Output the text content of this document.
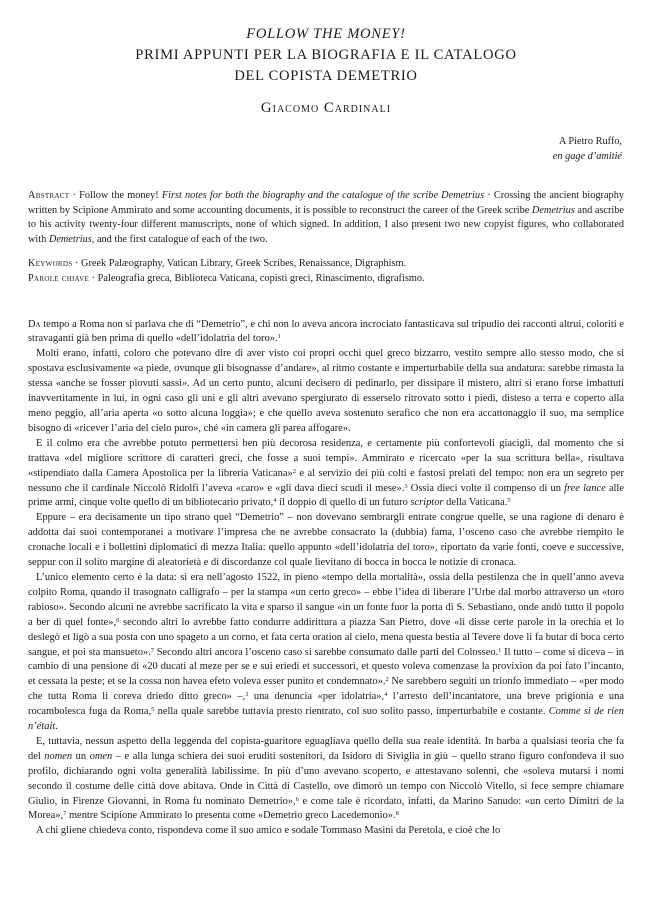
FOLLOW THE MONEY!
PRIMI APPUNTI PER LA BIOGRAFIA E IL CATALOGO
DEL COPISTA DEMETRIO
Giacomo Cardinali
A Pietro Ruffo,
en gage d’amitié
Abstract · Follow the money! First notes for both the biography and the catalogue of the scribe Demetrius · Crossing the ancient biography written by Scipione Ammirato and some accounting documents, it is possible to reconstruct the career of the Greek scribe Demetrius and ascribe to his activity twenty-four different manuscripts, none of which signed. In addition, I also present two new copyist figures, who collaborated with Demetrius, and the first catalogue of each of the two.
Keywords · Greek Palæography, Vatican Library, Greek Scribes, Renaissance, Digraphism.
Parole chiave · Paleografia greca, Biblioteca Vaticana, copisti greci, Rinascimento, digrafismo.

Da tempo a Roma non si parlava che di “Demetrio”, e chi non lo aveva ancora incrociato fantasticava sul tripudio dei racconti altrui, coloriti e stravaganti già ben prima di quello «dell’idolatria del toro».$^1$

Molti erano, infatti, coloro che potevano dire di aver visto coi propri occhi quel greco bizzarro, vestito sempre allo stesso modo, che si spostava esclusivamente «a piede, ovunque gli bisognasse d’andare», al ritmo costante e imperturbabile della sua andatura: sarebbe rimasta la stessa «anche se fosser piovuti sassi». Ad un certo punto, alcuni decisero di pedinarlo, per dissipare il mistero, altri si erano forse imbattuti inavvertitamente in lui, in ogni caso gli uni e gli altri avevano spergiurato di esserselo ritrovato sotto i piedi, disteso a terra e coperto alla meno peggio, all’aria aperta «o sotto alcuna loggia»; e che quello aveva sostenuto serafico che non era accattonaggio il suo, ma semplice bisogno di «ricever l’aria del cielo puro», ché «in camera gli parea affogare».

E il colmo era che avrebbe potuto permettersi ben più decorosa residenza, e certamente più confortevoli giacigli, dal momento che si trattava «del migliore scrittore di caratteri greci, che fosse a suoi tempi». Ammirato e ricercato «per la sua scrittura bella», risultava «stipendiato dalla Camera Apostolica per la libreria Vaticana»$^2$ e al servizio dei più colti e fastosi prelati del tempo: non era un segreto per nessuno che il cardinale Niccolò Ridolfi l’aveva «caro» e «gli dava dieci scudi il mese».$^3$ Ossia dieci volte il compenso di un free lance alle prime armi, cinque volte quello di un bibliotecario privato,$^4$ il doppio di quello di un futuro scriptor della Vaticana.$^5$

Eppure – era decisamente un tipo strano quel “Demetrio” – non dovevano sembrargli entrate congrue quelle, se una ragione di denaro è addotta dai suoi contemporanei a motivare l’impresa che ne avrebbe consacrato la (dubbia) fama, l’osceno caso che avrebbe riempito le cronache locali e i bollettini diplomatici di mezza Italia: quello appunto «dell’idolatria del toro», riportato da varie fonti, coeve e successive, seppur con il solito margine di aleatorietà e di discordanze col quale lievitano di bocca in bocca le notizie di cronaca.

L’unico elemento certo è la data: si era nell’agosto 1522, in pieno «tempo della mortalità», ossia della pestilenza che in quell’anno aveva colpito Roma, quando il trasognato calligrafo – per la stampa «un certo greco» – ebbe l’idea di liberare l’Urbe dal morbo attraverso un «toro rabioso». Secondo alcuni ne avrebbe sacrificato la vita e sparso il sangue «in un fonte fuor la porta di S. Sebastiano, onde andò tutto il popolo a ber di quel fonte»,$^6$ secondo altri lo avrebbe fatto condurre addirittura a piazza San Pietro, dove «li disse certe parole in la orechia et lo deslegò et ligò a sua posta con uno spageto a un corno, et fata certa oration al cielo, mena questa bestia al Tevere dove li fa butar di boca certo sangue, et poi sta mansueto».$^7$ Secondo altri ancora l’osceno caso si sarebbe consumato dalle parti del Colosseo.$^1$ Il tutto – come si diceva – in cambio di una pensione di «20 ducati al meze per se e sui eriedi et successori, et questo voleva comenzase la provixion da poi fato l’incanto, et cessata la peste; et se la cossa non havea efeto voleva esser punito et condemnato».$^2$ Ne sarebbero seguiti un trionfo immediato – «per modo che tutta Roma li coreva driedo ditto greco» –,$^3$ una denuncia «per idolatria»,$^4$ l’arresto dell’incantatore, una breve prigionia e una rocambolesca fuga da Roma,$^5$ nella quale sarebbe tuttavia presto rientrato, col suo solito passo, imperturbabile e costante. Comme si de rien n’était.

E, tuttavia, nessun aspetto della leggenda del copista-guaritore eguagliava quello della sua reale identità. In barba a qualsiasi teoria che fa del nomen un omen – e alla lunga schiera dei suoi eruditi sostenitori, da Isidoro di Siviglia in giù – quello strano figuro confondeva il suo profilo, dichiarando ogni volta generalità labilissime. In più d’uno avevano scoperto, e attestavano solenni, che «soleva mutarsi i nomi secondo il costume delle città dove abitava. Onde in Città di Castello, ove dimorò un tempo con Niccolò Vitello, si fece sempre chiamare Giulio, in Firenze Giovanni, in Roma fu nominato Demetrio»,$^6$ e come tale è ricordato, infatti, da Marino Sanudo: «un certo Dimitri de la Morea»,$^7$ mentre Scipione Ammirato lo presenta come «Demetrio greco Lacedemonio».$^8$

A chi gliene chiedeva conto, rispondeva come il suo amico e sodale Tommaso Masini da Peretola, e cioè che lo
